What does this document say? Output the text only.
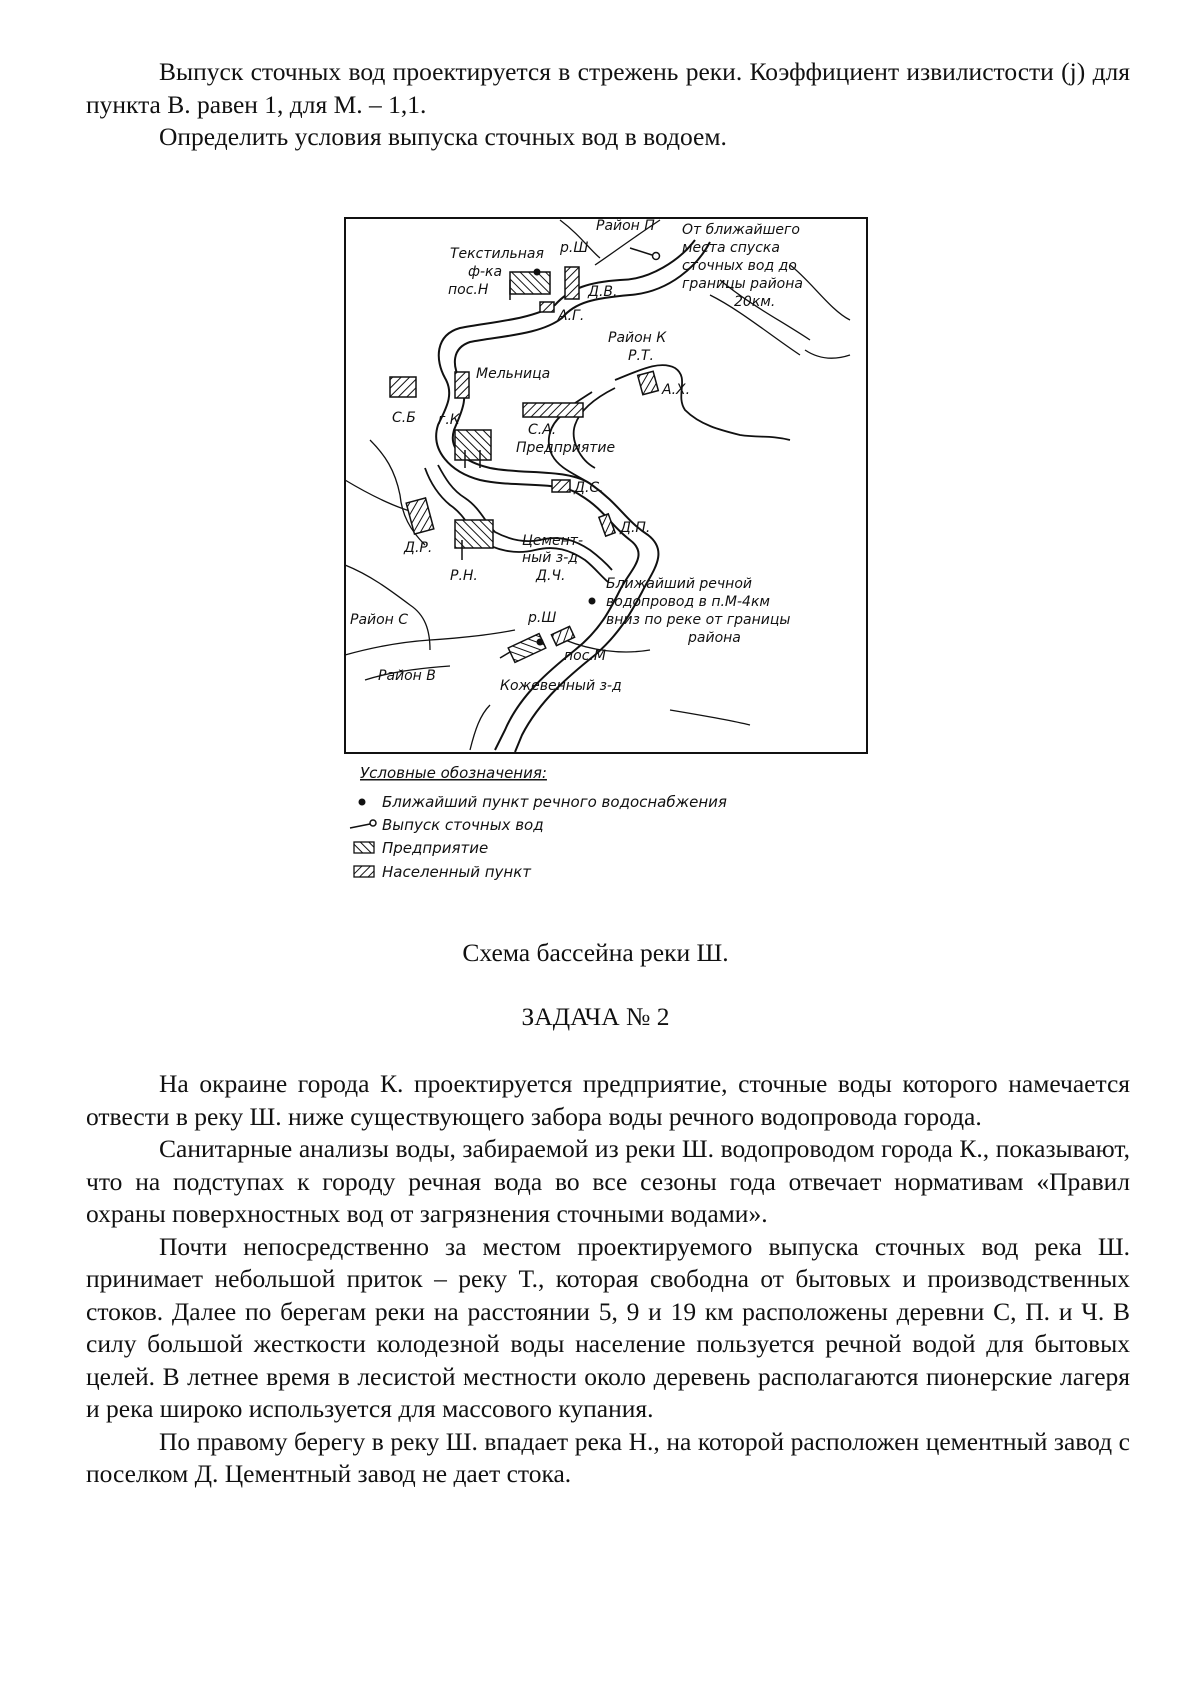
Выпуск сточных вод проектируется в стрежень реки. Коэффициент извилистости (j) для пункта В. равен 1, для М. – 1,1.

Определить условия выпуска сточных вод в водоем.

Район П
р.Ш
Текстильная
ф-ка
пос.Н	Д.В.
А.Г.
От ближайшего
места спуска
сточных вод до
границы района
20км.
Район К
Р.Т.
А.Х.
Мельница
С.Б г.К
С.А.
Предприятие
Д.С.
Д.П.
Д.Р.
Р.Н.
Цемент-
ный з-д
Д.Ч.	Ближайший речной
водопровод в п.М-4км
вниз по реке от границы
района
Район С	р.Ш
пос.М
Район В
Кожевенный з-д
Условные обозначения:
Ближайший пункт речного водоснабжения
Выпуск сточных вод
Предприятие
Населенный пункт
Схема бассейна реки Ш.
ЗАДАЧА № 2

На окраине города К. проектируется предприятие, сточные воды которого намечается отвести в реку Ш. ниже существующего забора воды речного водопровода города.

Санитарные анализы воды, забираемой из реки Ш. водопроводом города К., показывают, что на подступах к городу речная вода во все сезоны года отвечает нормативам «Правил охраны поверхностных вод от загрязнения сточными водами».

Почти непосредственно за местом проектируемого выпуска сточных вод река Ш. принимает небольшой приток – реку Т., которая свободна от бытовых и производственных стоков. Далее по берегам реки на расстоянии 5, 9 и 19 км расположены деревни С, П. и Ч. В силу большой жесткости колодезной воды население пользуется речной водой для бытовых целей. В летнее время в лесистой местности около деревень располагаются пионерские лагеря и река широко используется для массового купания.

По правому берегу в реку Ш. впадает река Н., на которой расположен цементный завод с поселком Д. Цементный завод не дает стока.
